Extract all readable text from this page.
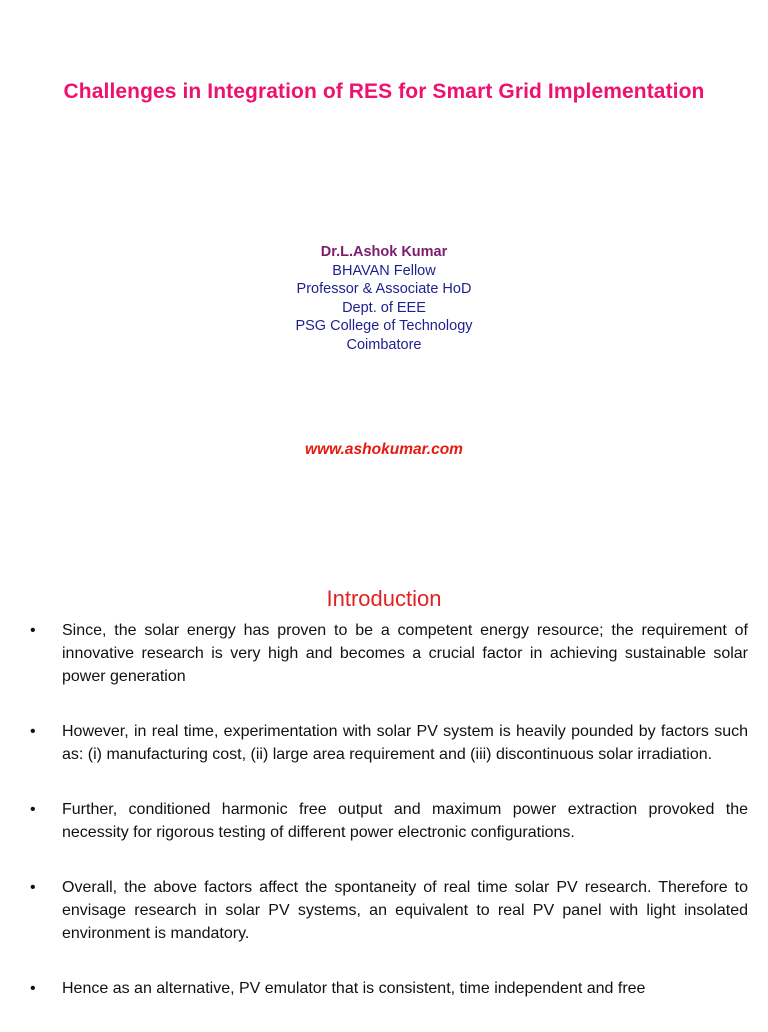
Challenges in Integration of RES for Smart Grid Implementation
Dr.L.Ashok Kumar
BHAVAN Fellow
Professor & Associate HoD
Dept. of EEE
PSG College of Technology
Coimbatore
www.ashokumar.com
Introduction
• Since, the solar energy has proven to be a competent energy resource; the requirement of innovative research is very high and becomes a crucial factor in achieving sustainable solar power generation
• However, in real time, experimentation with solar PV system is heavily pounded by factors such as: (i) manufacturing cost, (ii) large area requirement and (iii) discontinuous solar irradiation.
• Further, conditioned harmonic free output and maximum power extraction provoked the necessity for rigorous testing of different power electronic configurations.
• Overall, the above factors affect the spontaneity of real time solar PV research. Therefore to envisage research in solar PV systems, an equivalent to real PV panel with light insolated environment is mandatory.
• Hence as an alternative, PV emulator that is consistent, time independent and free
